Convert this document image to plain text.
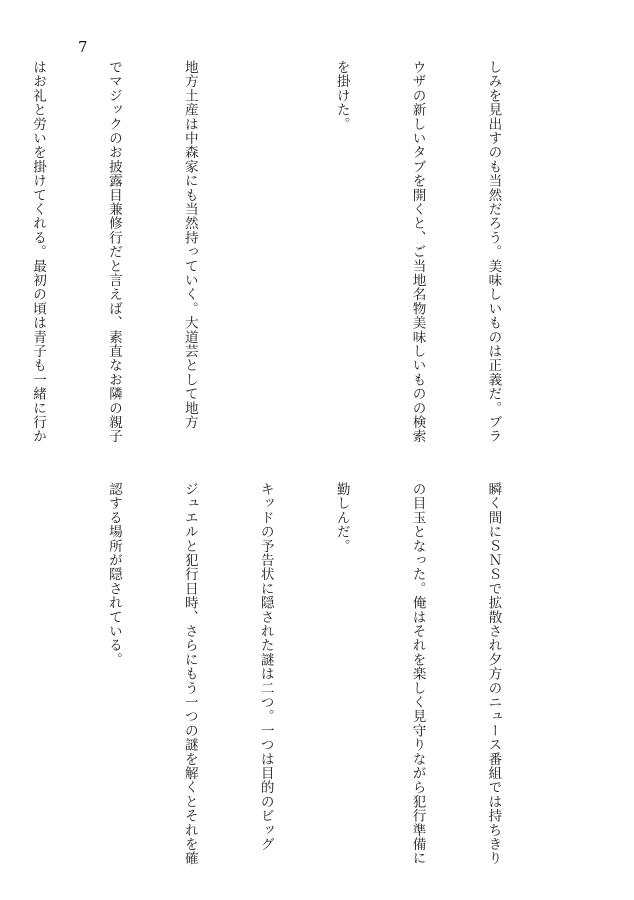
7

しみを見出すのも当然だろう。美味しいものは正義だ。ブラ

ウザの新しいタブを開くと、ご当地名物美味しいものの検索

を掛けた。

地方土産は中森家にも当然持っていく。大道芸として地方

でマジックのお披露目兼修行だと言えば、素直なお隣の親子

はお礼と労いを掛けてくれる。最初の頃は青子も一緒に行か

瞬く間にＳＮＳで拡散され夕方のニュース番組では持ちきり

の目玉となった。俺はそれを楽しく見守りながら犯行準備に

勤しんだ。

キッドの予告状に隠された謎は二つ。一つは目的のビッグ

ジュエルと犯行日時、さらにもう一つの謎を解くとそれを確

認する場所が隠されている。
